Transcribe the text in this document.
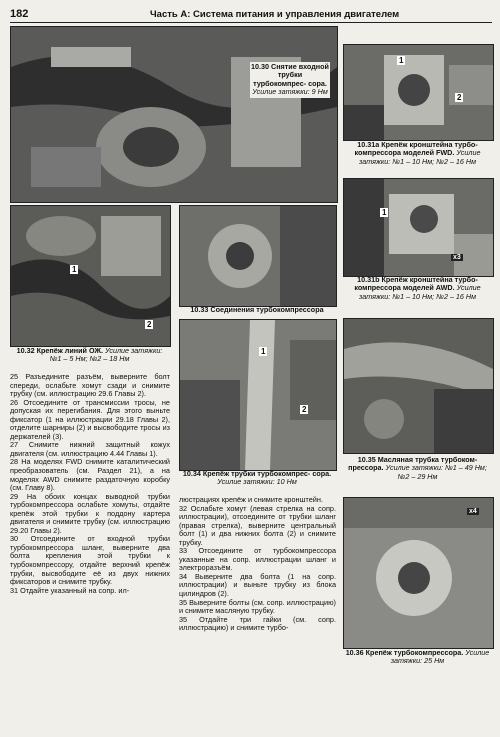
182	Часть А: Система питания и управления двигателем
10.30 Снятие входной трубки турбокомпрес- сора.
Усилие затяжки: 9 Нм
10.31a Крепёж кронштейна турбо- компрессора моделей FWD. Усилие затяжки: №1 – 10 Нм; №2 – 16 Нм
10.31b Крепёж кронштейна турбо- компрессора моделей AWD. Усилие затяжки: №1 – 10 Нм; №2 – 16 Нм
10.32 Крепёж линий ОЖ. Усилие затяжки: №1 – 5 Нм; №2 – 18 Нм
10.33 Соединения турбокомпрессора
10.34 Крепёж трубки турбокомпрес- сора. Усилие затяжки: 10 Нм
10.35 Масляная трубка турбоком- прессора. Усилие затяжки: №1 – 49 Нм; №2 – 29 Нм
10.36 Крепёж турбокомпрессора. Усилие затяжки: 25 Нм
1
2
1
2
1
1
2
x3
x4
25 Разъедините разъём, выверните болт спереди, ослабьте хомут сзади и снимите трубку (см. иллюстрацию 29.6 Главы 2).
26 Отсоедините от трансмиссии тросы, не допуская их перегибания. Для этого выньте фиксатор (1 на иллюстрации 29.18 Главы 2), отделите шарниры (2) и высвободите тросы из держателей (3).
27 Снимите нижний защитный кожух двигателя (см. иллюстрацию 4.44 Главы 1).
28 На моделях FWD снимите каталитический преобразователь (см. Раздел 21), а на моделях AWD снимите раздаточную коробку (см. Главу 8).
29 На обоих концах выводной трубки турбокомпрессора ослабьте хомуты, отдайте крепёж этой трубки к поддону картера двигателя и снимите трубку (см. иллюстрацию 29.20 Главы 2).
30 Отсоедините от входной трубки турбокомпрессора шланг, выверните два болта крепления этой трубки к турбокомпрессору, отдайте верхний крепёж трубки, высвободите её из двух нижних фиксаторов и снимите трубку.
31 Отдайте указанный на сопр. ил-
люстрациях крепёж и снимите кронштейн.
32 Ослабьте хомут (левая стрелка на сопр. иллюстрации), отсоедините от трубки шланг (правая стрелка), выверните центральный болт (1) и два нижних болта (2) и снимите трубку.
33 Отсоедините от турбокомпрессора указанные на сопр. иллюстрации шланг и электроразъём.
34 Выверните два болта (1 на сопр. иллюстрации) и выньте трубку из блока цилиндров (2).
35 Выверните болты (см. сопр. иллюстрацию) и снимите масляную трубку.
35 Отдайте три гайки (см. сопр. иллюстрацию) и снимите турбо-
